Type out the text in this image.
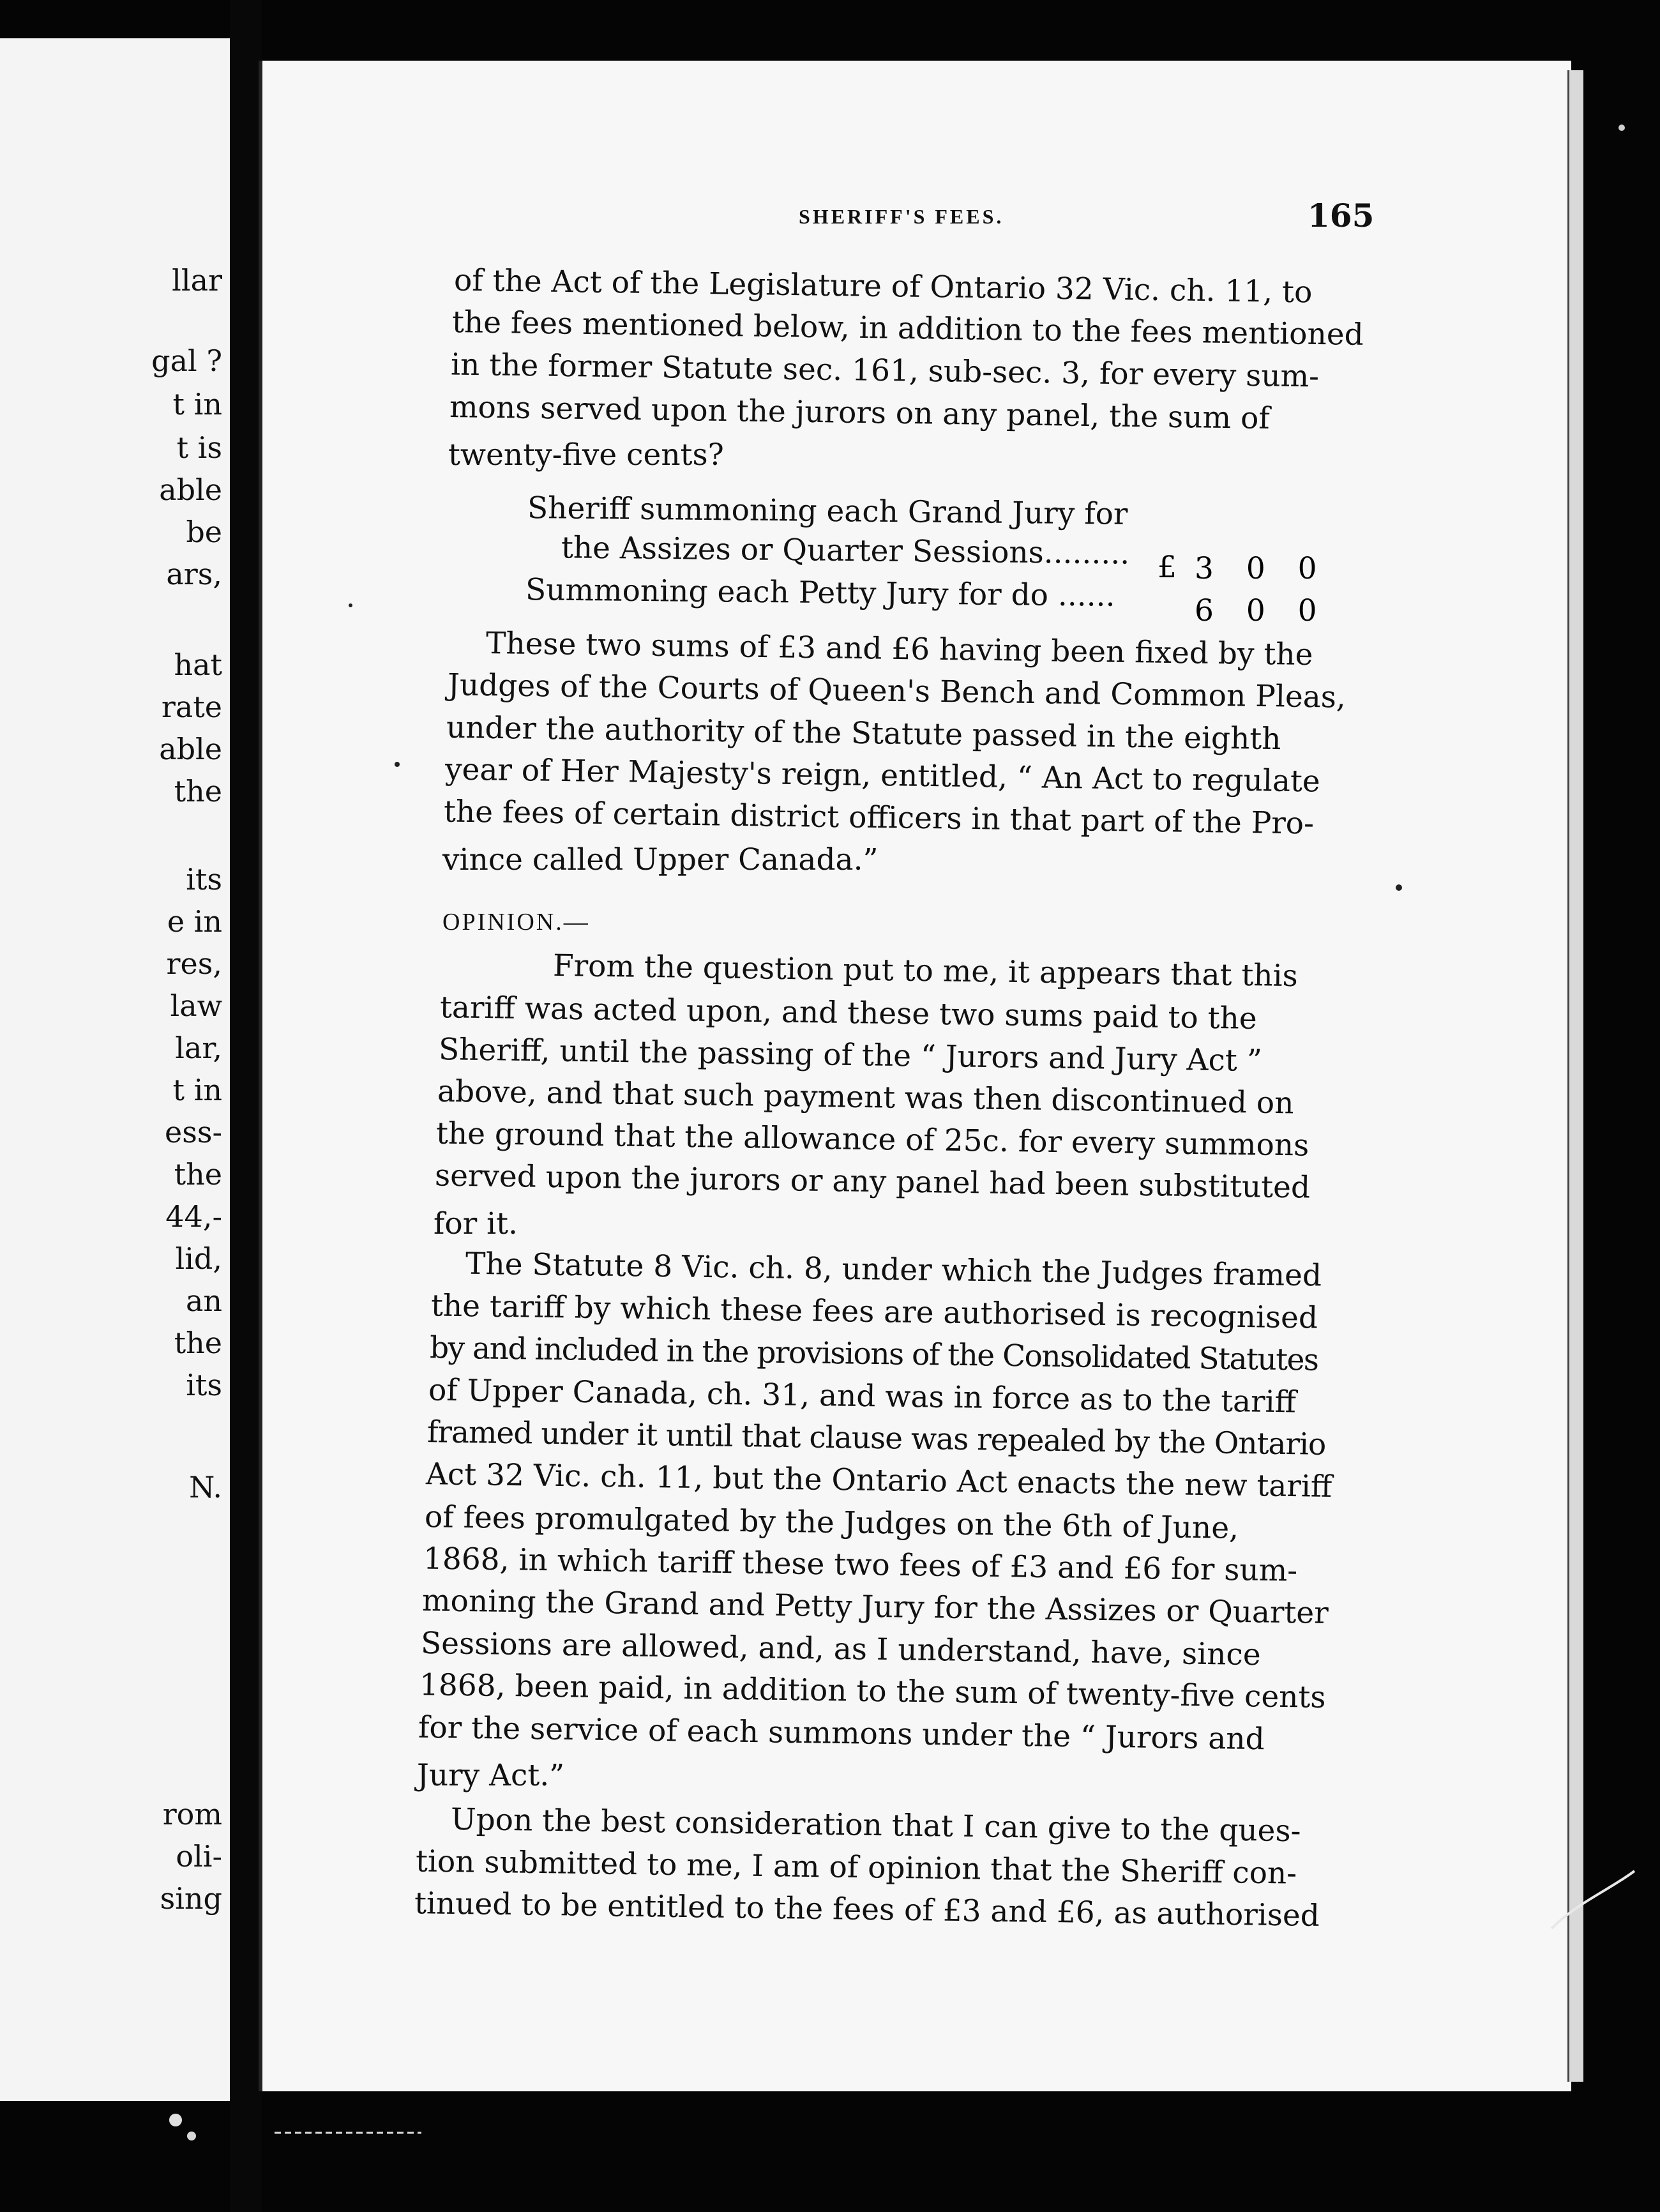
llar
gal ?
t in
t is
able
be
ars,
hat
rate
able
the
its
e in
res,
law
lar,
t in
ess-
the
44,-
lid,
an
the
its
N.
rom
oli-
sing
SHERIFF'S FEES.	165
of the Act of the Legislature of Ontario 32 Vic. ch. 11, to
the fees mentioned below, in addition to the fees mentioned
in the former Statute sec. 161, sub-sec. 3, for every sum-
mons served upon the jurors on any panel, the sum of
twenty-five cents?
Sheriff summoning each Grand Jury for
the Assizes or Quarter Sessions......... £ 3 0 0
Summoning each Petty Jury for do ......	6 0 0
These two sums of £3 and £6 having been fixed by the
Judges of the Courts of Queen's Bench and Common Pleas,
under the authority of the Statute passed in the eighth
year of Her Majesty's reign, entitled, “ An Act to regulate
the fees of certain district officers in that part of the Pro-
vince called Upper Canada.”
OPINION.—
From the question put to me, it appears that this
tariff was acted upon, and these two sums paid to the
Sheriff, until the passing of the “ Jurors and Jury Act ”
above, and that such payment was then discontinued on
the ground that the allowance of 25c. for every summons
served upon the jurors or any panel had been substituted
for it.
The Statute 8 Vic. ch. 8, under which the Judges framed
the tariff by which these fees are authorised is recognised
by and included in the provisions of the Consolidated Statutes
of Upper Canada, ch. 31, and was in force as to the tariff
framed under it until that clause was repealed by the Ontario
Act 32 Vic. ch. 11, but the Ontario Act enacts the new tariff
of fees promulgated by the Judges on the 6th of June,
1868, in which tariff these two fees of £3 and £6 for sum-
moning the Grand and Petty Jury for the Assizes or Quarter
Sessions are allowed, and, as I understand, have, since
1868, been paid, in addition to the sum of twenty-five cents
for the service of each summons under the “ Jurors and
Jury Act.”
Upon the best consideration that I can give to the ques-
tion submitted to me, I am of opinion that the Sheriff con-
tinued to be entitled to the fees of £3 and £6, as authorised
